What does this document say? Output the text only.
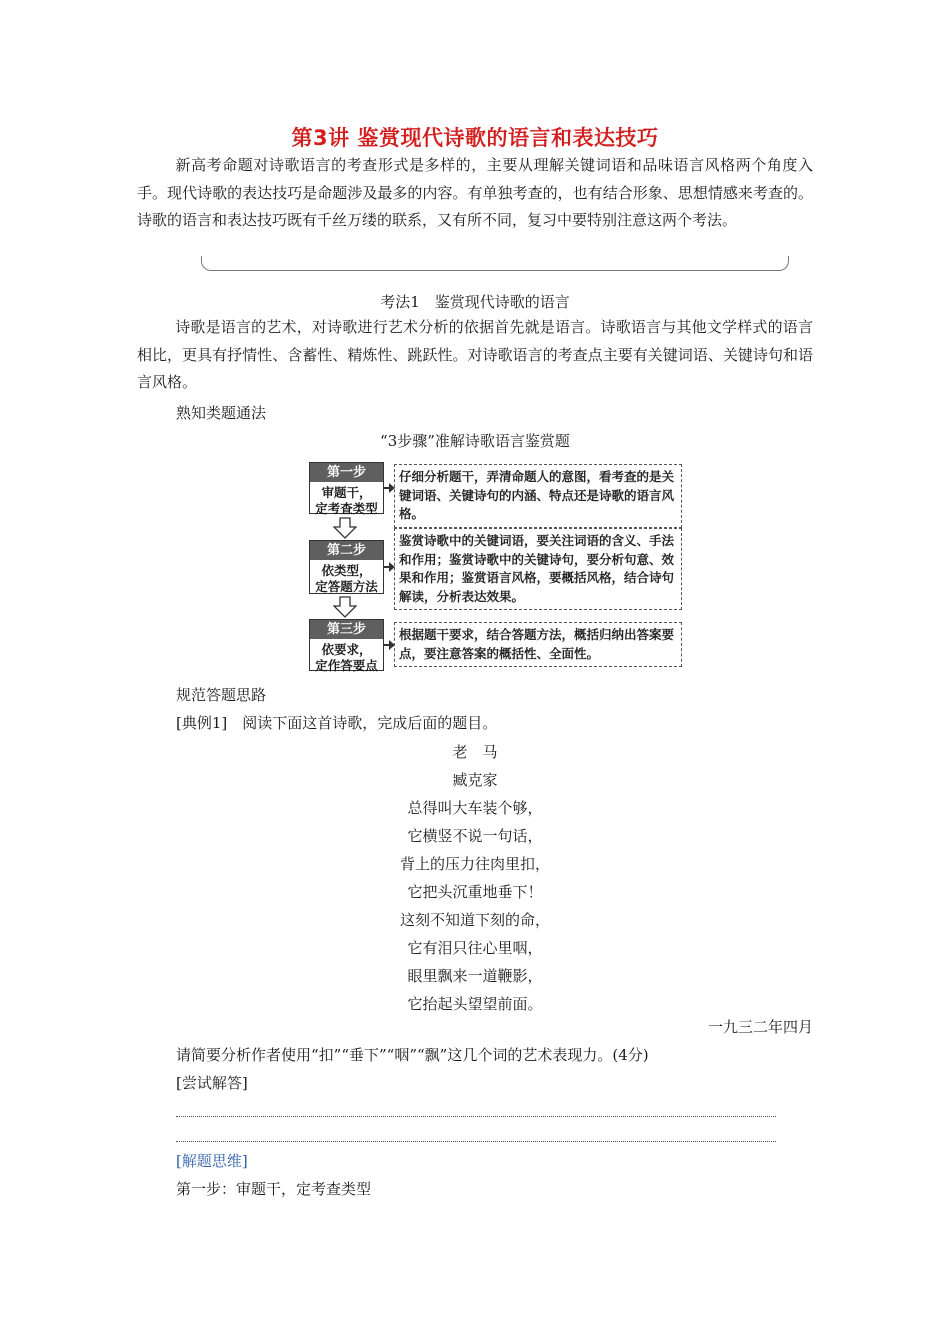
第3讲 鉴赏现代诗歌的语言和表达技巧

新高考命题对诗歌语言的考查形式是多样的，主要从理解关键词语和品味语言风格两个角度入手。现代诗歌的表达技巧是命题涉及最多的内容。有单独考查的，也有结合形象、思想情感来考查的。诗歌的语言和表达技巧既有千丝万缕的联系，又有所不同，复习中要特别注意这两个考法。

考法1　鉴赏现代诗歌的语言

诗歌是语言的艺术，对诗歌进行艺术分析的依据首先就是语言。诗歌语言与其他文学样式的语言相比，更具有抒情性、含蓄性、精炼性、跳跃性。对诗歌语言的考查点主要有关键词语、关键诗句和语言风格。

熟知类题通法
“3步骤”准解诗歌语言鉴赏题
第一步
审题干，
定考查类型
仔细分析题干，弄清命题人的意图，看考查的是关键词语、关键诗句的内涵、特点还是诗歌的语言风格。
第二步
依类型，
定答题方法
鉴赏诗歌中的关键词语，要关注词语的含义、手法和作用；鉴赏诗歌中的关键诗句，要分析句意、效果和作用；鉴赏语言风格，要概括风格，结合诗句解读，分析表达效果。
第三步
依要求，
定作答要点
根据题干要求，结合答题方法，概括归纳出答案要点，要注意答案的概括性、全面性。
规范答题思路
[典例1]　阅读下面这首诗歌，完成后面的题目。
老　马
臧克家
总得叫大车装个够，
它横竖不说一句话，
背上的压力往肉里扣，
它把头沉重地垂下！
这刻不知道下刻的命，
它有泪只往心里咽，
眼里飘来一道鞭影，
它抬起头望望前面。
一九三二年四月
请简要分析作者使用“扣”“垂下”“咽”“飘”这几个词的艺术表现力。(4分)
[尝试解答]
[解题思维]
第一步：审题干，定考查类型
